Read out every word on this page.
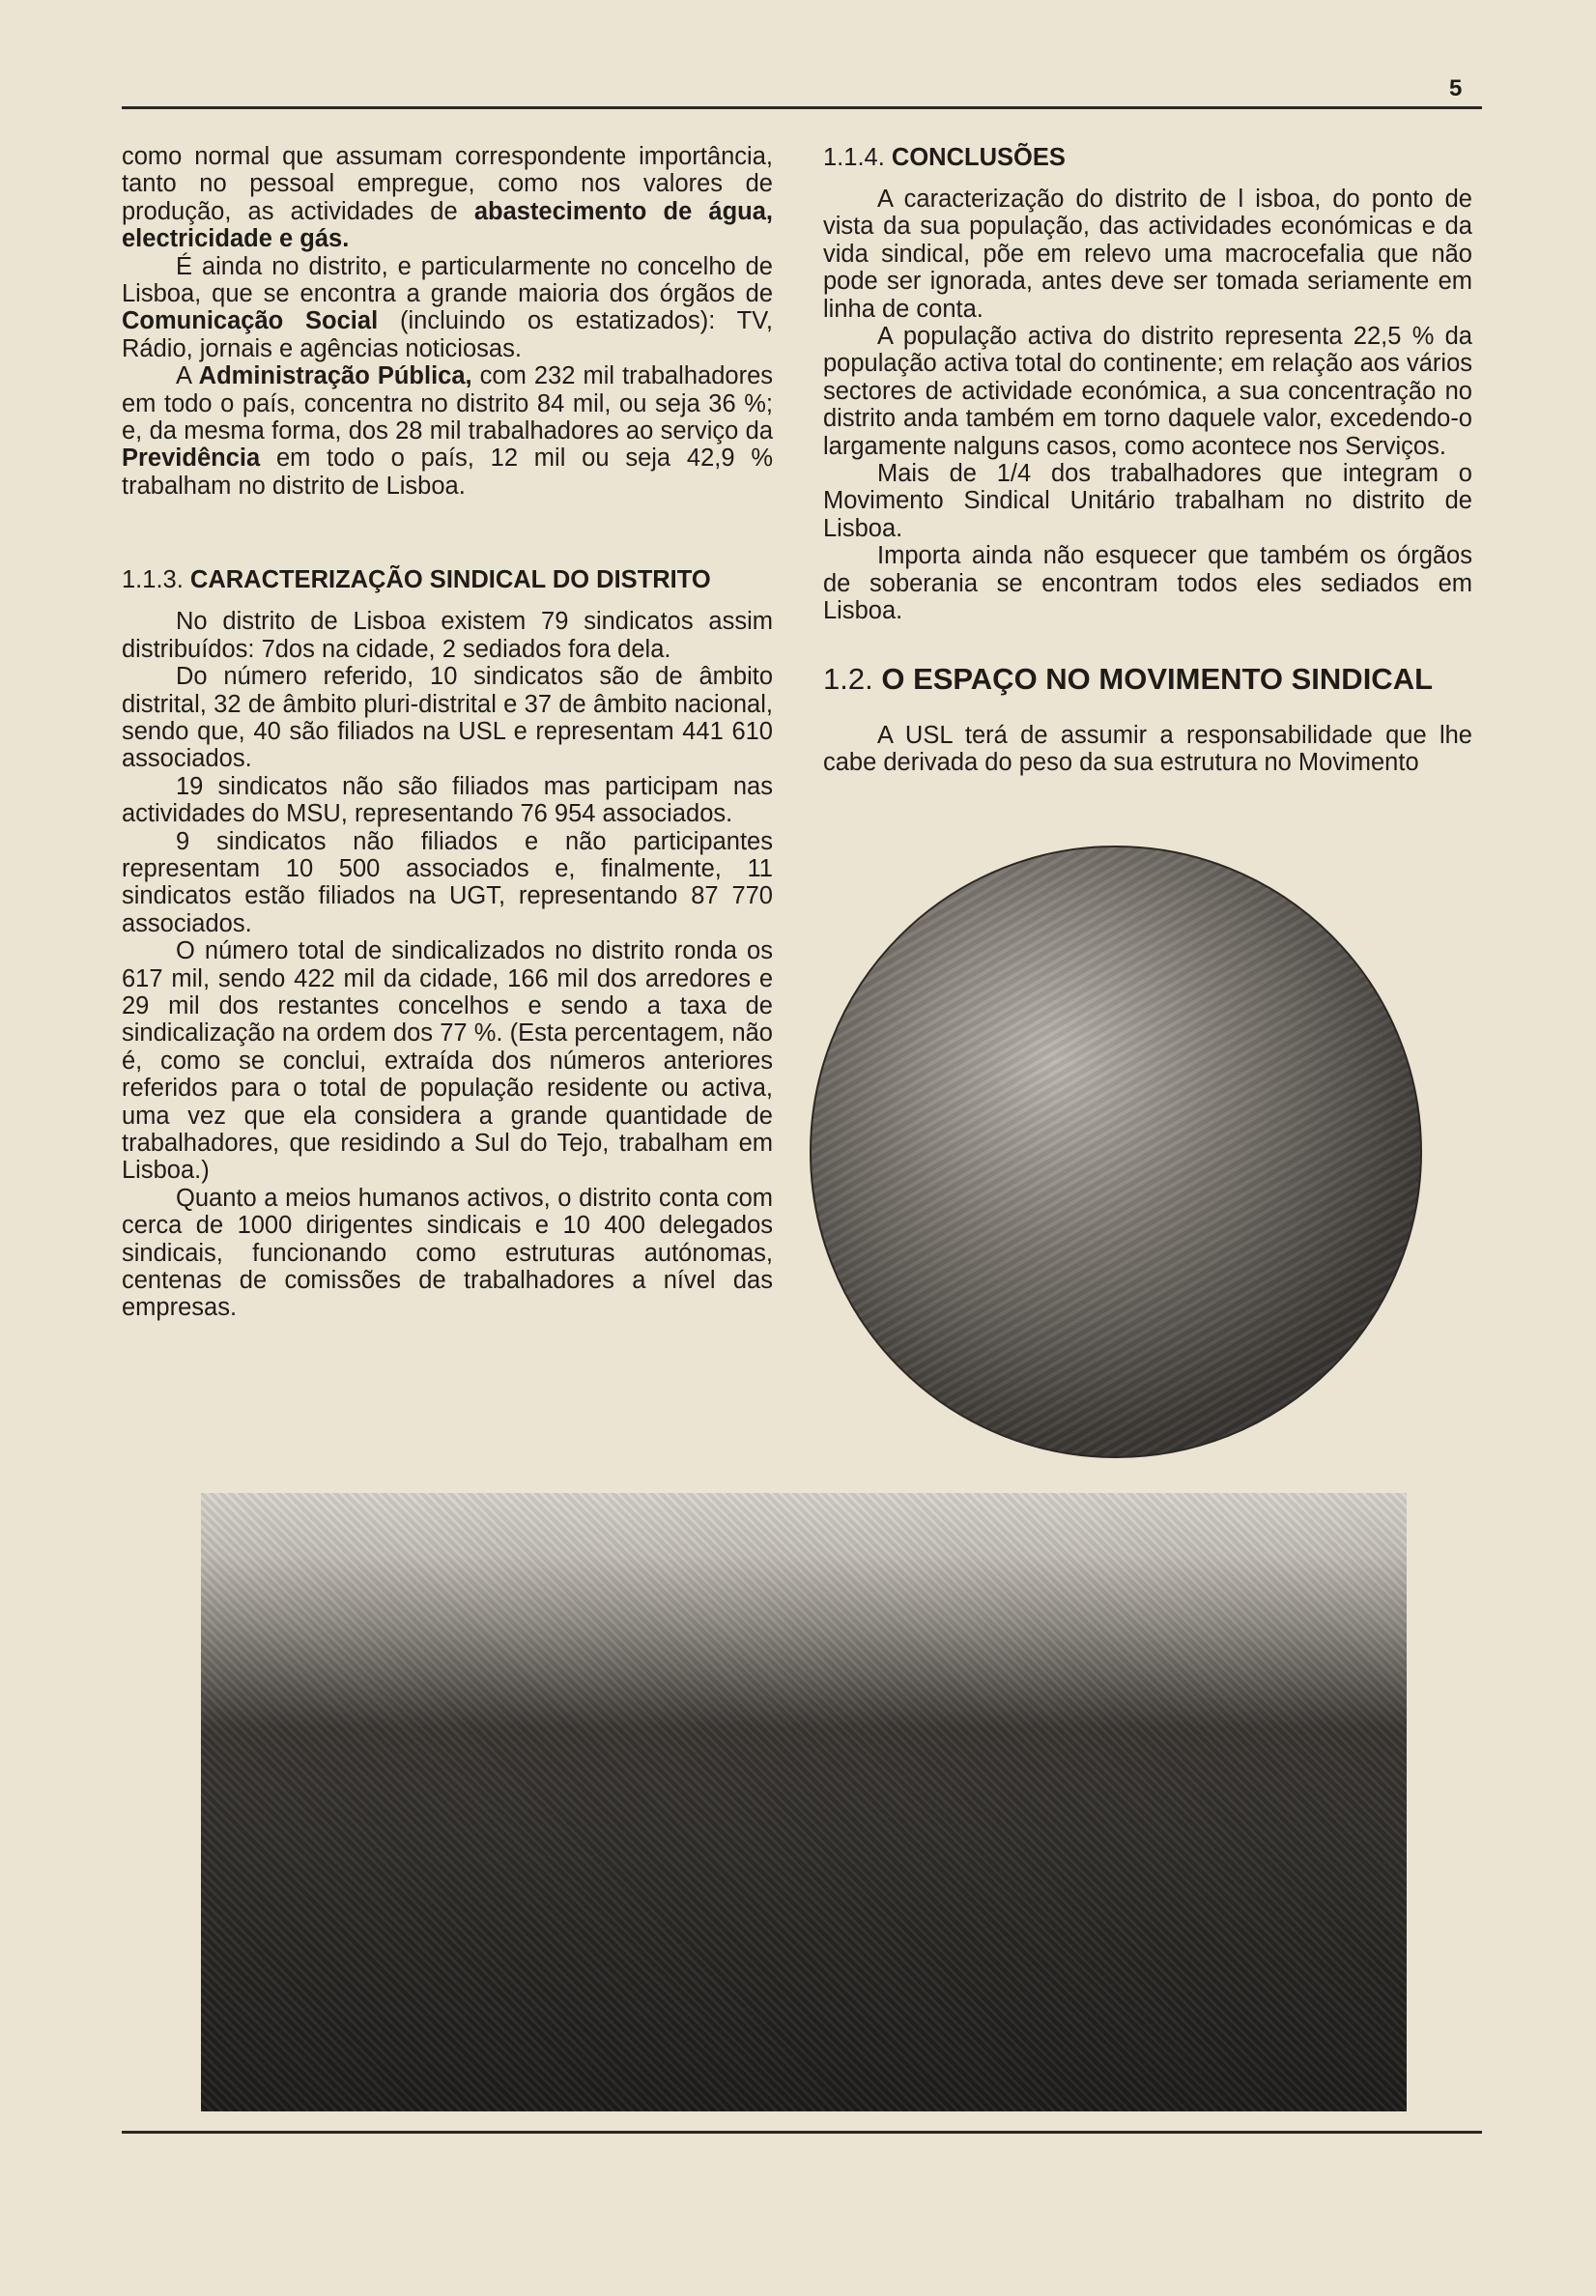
5

como normal que assumam correspondente importância, tanto no pessoal empregue, como nos valores de produção, as actividades de abastecimento de água, electricidade e gás.

É ainda no distrito, e particularmente no concelho de Lisboa, que se encontra a grande maioria dos órgãos de Comunicação Social (incluindo os estatizados): TV, Rádio, jornais e agências noticiosas.

A Administração Pública, com 232 mil trabalhadores em todo o país, concentra no distrito 84 mil, ou seja 36 %; e, da mesma forma, dos 28 mil trabalhadores ao serviço da Previdência em todo o país, 12 mil ou seja 42,9 % trabalham no distrito de Lisboa.

1.1.3. CARACTERIZAÇÃO SINDICAL DO DISTRITO

No distrito de Lisboa existem 79 sindicatos assim distribuídos: 7dos na cidade, 2 sediados fora dela.

Do número referido, 10 sindicatos são de âmbito distrital, 32 de âmbito pluri-distrital e 37 de âmbito nacional, sendo que, 40 são filiados na USL e representam 441 610 associados.

19 sindicatos não são filiados mas participam nas actividades do MSU, representando 76 954 associados.

9 sindicatos não filiados e não participantes representam 10 500 associados e, finalmente, 11 sindicatos estão filiados na UGT, representando 87 770 associados.

O número total de sindicalizados no distrito ronda os 617 mil, sendo 422 mil da cidade, 166 mil dos arredores e 29 mil dos restantes concelhos e sendo a taxa de sindicalização na ordem dos 77 %. (Esta percentagem, não é, como se conclui, extraída dos números anteriores referidos para o total de população residente ou activa, uma vez que ela considera a grande quantidade de trabalhadores, que residindo a Sul do Tejo, trabalham em Lisboa.)

Quanto a meios humanos activos, o distrito conta com cerca de 1000 dirigentes sindicais e 10 400 delegados sindicais, funcionando como estruturas autónomas, centenas de comissões de trabalhadores a nível das empresas.

1.1.4. CONCLUSÕES

A caracterização do distrito de l isboa, do ponto de vista da sua população, das actividades económicas e da vida sindical, põe em relevo uma macrocefalia que não pode ser ignorada, antes deve ser tomada seriamente em linha de conta.

A população activa do distrito representa 22,5 % da população activa total do continente; em relação aos vários sectores de actividade económica, a sua concentração no distrito anda também em torno daquele valor, excedendo-o largamente nalguns casos, como acontece nos Serviços.

Mais de 1/4 dos trabalhadores que integram o Movimento Sindical Unitário trabalham no distrito de Lisboa.

Importa ainda não esquecer que também os órgãos de soberania se encontram todos eles sediados em Lisboa.

1.2. O ESPAÇO NO MOVIMENTO SINDICAL

A USL terá de assumir a responsabilidade que lhe cabe derivada do peso da sua estrutura no Movimento
